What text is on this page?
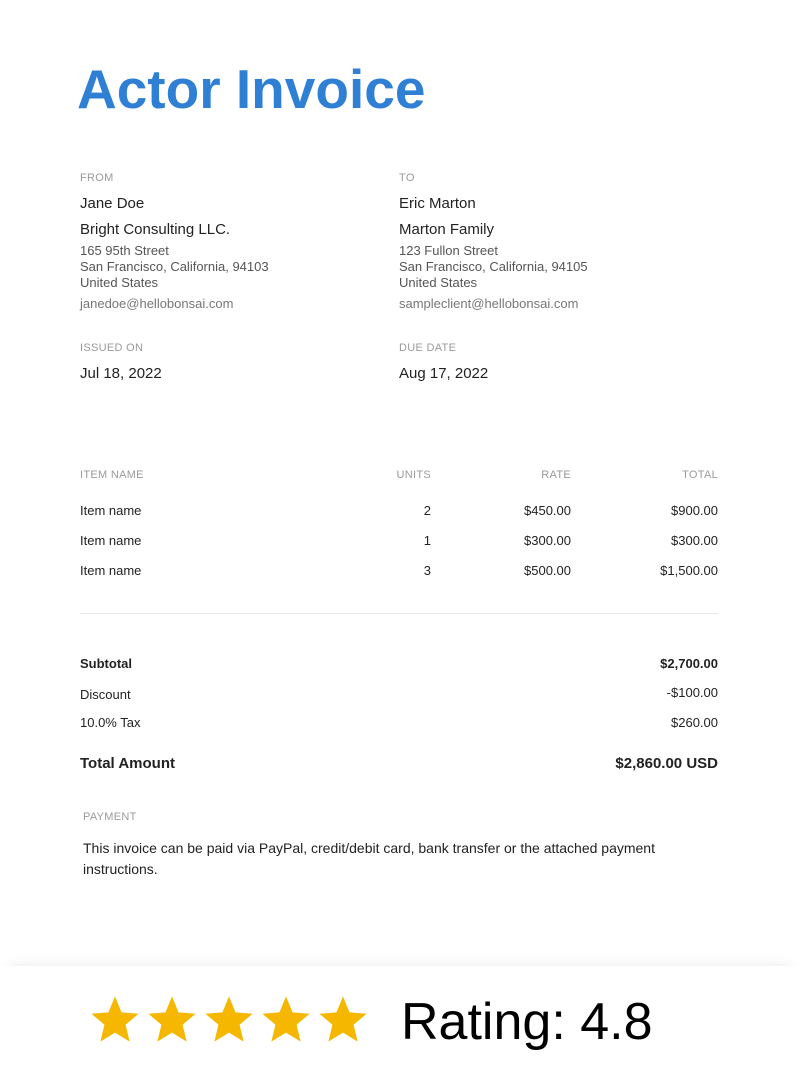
Actor Invoice
FROM
Jane Doe
Bright Consulting LLC.
165 95th Street
San Francisco, California, 94103
United States
janedoe@hellobonsai.com
TO
Eric Marton
Marton Family
123 Fullon Street
San Francisco, California, 94105
United States
sampleclient@hellobonsai.com
ISSUED ON
Jul 18, 2022
DUE DATE
Aug 17, 2022
ITEM NAME	UNITS	RATE	TOTAL
Item name	2	$450.00	$900.00
Item name	1	$300.00	$300.00
Item name	3	$500.00	$1,500.00
Subtotal	$2,700.00
Discount	-$100.00
10.0% Tax	$260.00
Total Amount	$2,860.00 USD
PAYMENT
This invoice can be paid via PayPal, credit/debit card, bank transfer or the attached payment instructions.
Rating: 4.8
